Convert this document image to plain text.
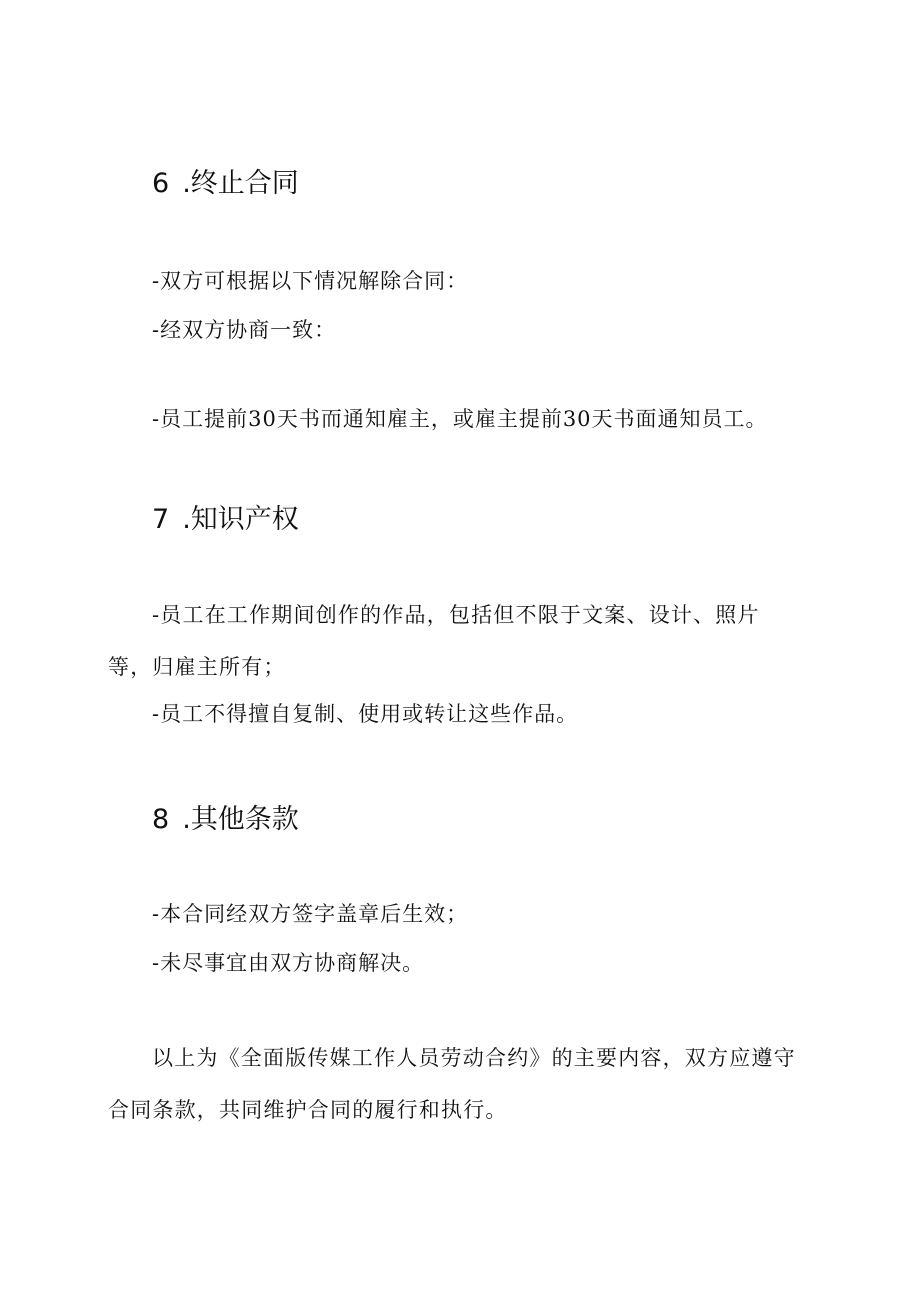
6 .终止合同
-双方可根据以下情况解除合同：
-经双方协商一致：
-员工提前30天书而通知雇主，或雇主提前30天书面通知员工。
7 .知识产权
-员工在工作期间创作的作品，包括但不限于文案、设计、照片等，归雇主所有；
-员工不得擅自复制、使用或转让这些作品。
8 .其他条款
-本合同经双方签字盖章后生效；
-未尽事宜由双方协商解决。
以上为《全面版传媒工作人员劳动合约》的主要内容，双方应遵守合同条款，共同维护合同的履行和执行。
